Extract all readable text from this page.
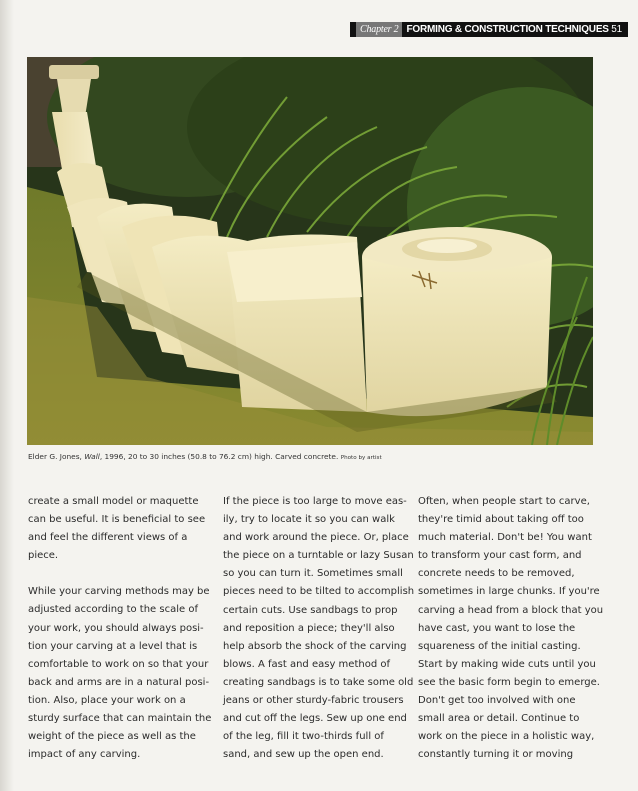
Chapter 2 FORMING & CONSTRUCTION TECHNIQUES 51
Elder G. Jones, Wall, 1996, 20 to 30 inches (50.8 to 76.2 cm) high. Carved concrete. Photo by artist

create a small model or maquette

can be useful. It is beneficial to see

and feel the different views of a

piece.

While your carving methods may be

adjusted according to the scale of

your work, you should always posi-

tion your carving at a level that is

comfortable to work on so that your

back and arms are in a natural posi-

tion. Also, place your work on a

sturdy surface that can maintain the

weight of the piece as well as the

impact of any carving.

If the piece is too large to move eas-

ily, try to locate it so you can walk

and work around the piece. Or, place

the piece on a turntable or lazy Susan

so you can turn it. Sometimes small

pieces need to be tilted to accomplish

certain cuts. Use sandbags to prop

and reposition a piece; they'll also

help absorb the shock of the carving

blows. A fast and easy method of

creating sandbags is to take some old

jeans or other sturdy-fabric trousers

and cut off the legs. Sew up one end

of the leg, fill it two-thirds full of

sand, and sew up the open end.

Often, when people start to carve,

they're timid about taking off too

much material. Don't be! You want

to transform your cast form, and

concrete needs to be removed,

sometimes in large chunks. If you're

carving a head from a block that you

have cast, you want to lose the

squareness of the initial casting.

Start by making wide cuts until you

see the basic form begin to emerge.

Don't get too involved with one

small area or detail. Continue to

work on the piece in a holistic way,

constantly turning it or moving
